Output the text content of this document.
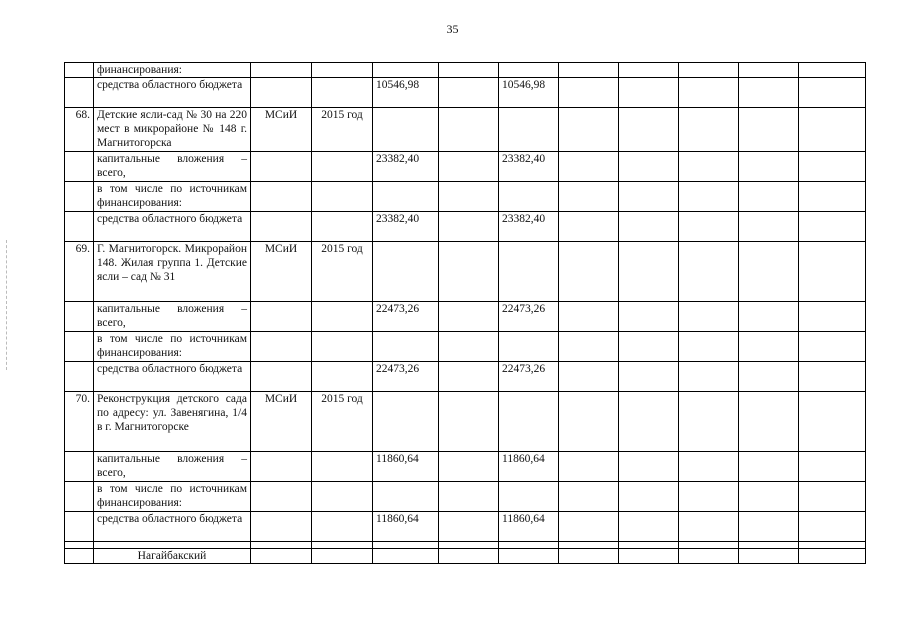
35
	финансирования:										
	средства областного бюджета			10546,98		10546,98					
68.	Детские ясли-сад № 30 на 220 мест в микрорайоне № 148 г. Магнитогорска	МСиИ	2015 год								
	капитальные вложения – всего,			23382,40		23382,40					
	в том числе по источникам финансирования:										
	средства областного бюджета			23382,40		23382,40					
69.	Г. Магнитогорск. Микрорайон 148. Жилая группа 1. Детские ясли – сад № 31	МСиИ	2015 год								
	капитальные вложения – всего,			22473,26		22473,26					
	в том числе по источникам финансирования:										
	средства областного бюджета			22473,26		22473,26					
70.	Реконструкция детского сада по адресу: ул. Завенягина, 1/4 в г. Магнитогорске	МСиИ	2015 год								
	капитальные вложения – всего,			11860,64		11860,64					
	в том числе по источникам финансирования:										
	средства областного бюджета			11860,64		11860,64					

	Нагайбакский										
